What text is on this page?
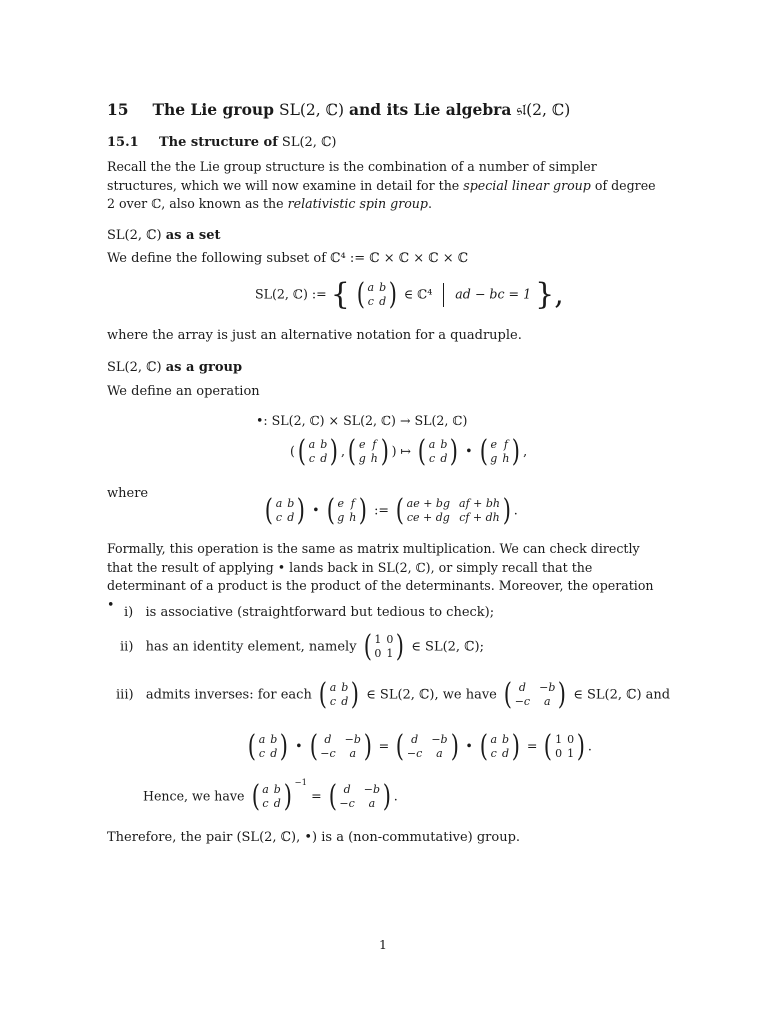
15 The Lie group SL(2, ℂ) and its Lie algebra 𝔰𝔩(2, ℂ)
15.1 The structure of SL(2, ℂ)
Recall the the Lie group structure is the combination of a number of simpler structures, which we will now examine in detail for the special linear group of degree 2 over ℂ, also known as the relativistic spin group.
SL(2, ℂ) as a set
We define the following subset of ℂ⁴ := ℂ × ℂ × ℂ × ℂ
SL(2, ℂ) := { ( a b
c d ) ∈ ℂ⁴ ad − bc = 1 },
where the array is just an alternative notation for a quadruple.
SL(2, ℂ) as a group
We define an operation
•: SL(2, ℂ) × SL(2, ℂ) → SL(2, ℂ)
( ( a b
c d ) , ( e f
g h ) ) ↦ ( a b
c d ) • ( e f
g h ) ,
where	( a b
c d ) • ( e f
g h ) := ( ae + bg af + bh
ce + dg cf + dh ) .
Formally, this operation is the same as matrix multiplication. We can check directly that the result of applying • lands back in SL(2, ℂ), or simply recall that the determinant of a product is the product of the determinants. Moreover, the operation •
i) is associative (straightforward but tedious to check);
ii) has an identity element, namely ( 1 0
0 1 ) ∈ SL(2, ℂ);
iii) admits inverses: for each ( a b
c d ) ∈ SL(2, ℂ), we have ( d	−b
−c	a ) ∈ SL(2, ℂ) and
( a b
c d ) • ( d	−b
−c	a ) = ( d	−b
−c	a ) • ( a b
c d ) = ( 1 0
0 1 ) .
Hence, we have ( a b
c d ) $^{-1}$ = ( d	−b
−c	a ) .
Therefore, the pair (SL(2, ℂ), •) is a (non-commutative) group.
1
